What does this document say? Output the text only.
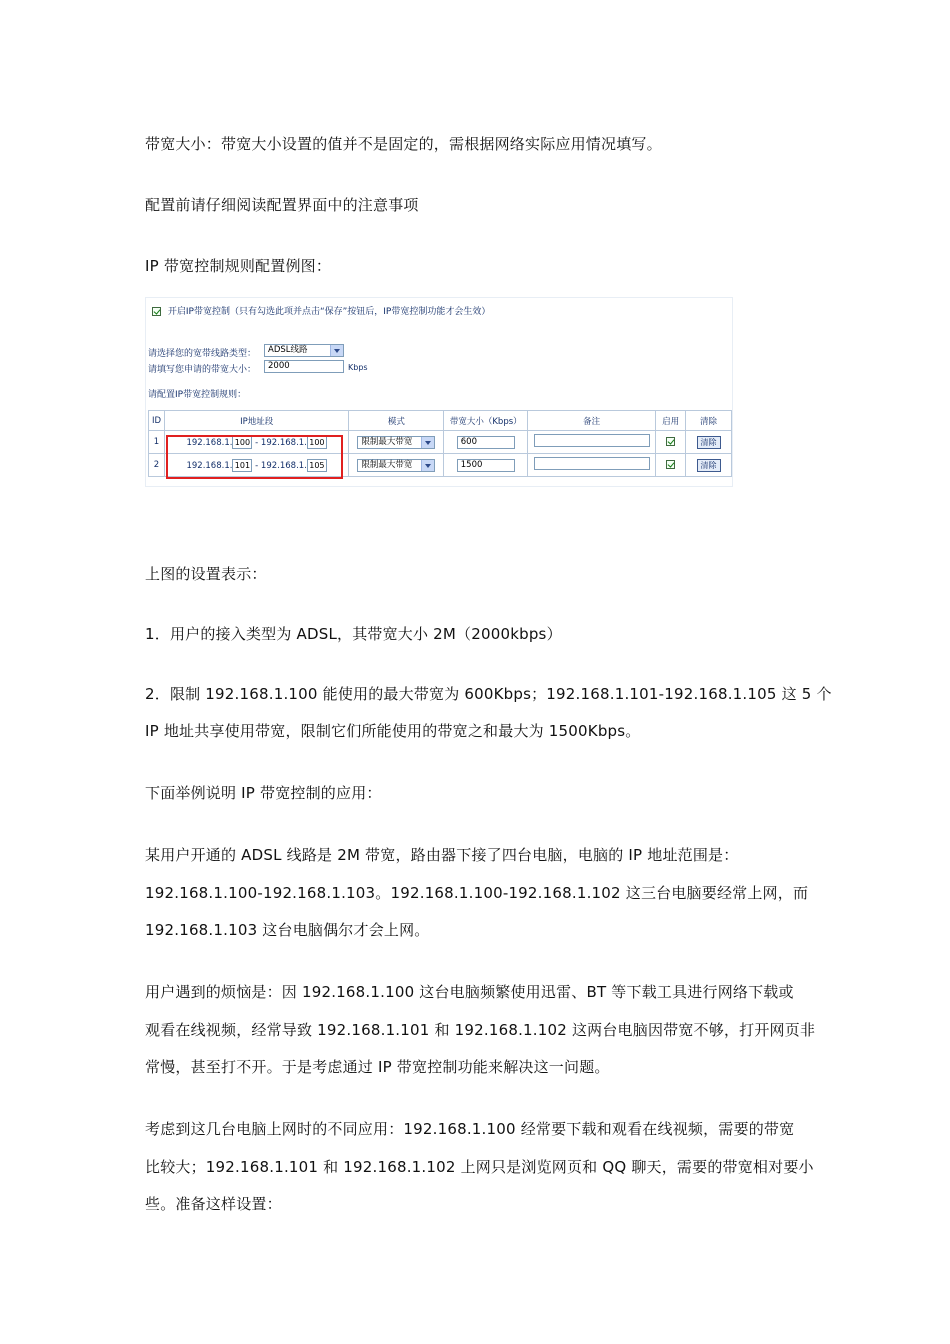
带宽大小：带宽大小设置的值并不是固定的，需根据网络实际应用情况填写。
配置前请仔细阅读配置界面中的注意事项
IP 带宽控制规则配置例图：
开启IP带宽控制（只有勾选此项并点击“保存”按钮后，IP带宽控制功能才会生效）
请选择您的宽带线路类型：	ADSL线路
请填写您申请的带宽大小：	2000	Kbps
请配置IP带宽控制规则：
ID	IP地址段	模式	带宽大小（Kbps）	备注	启用	清除
1	192.168.1. 100 - 192.168.1. 100	限制最大带宽	600			清除
2	192.168.1. 101 - 192.168.1. 105	限制最大带宽	1500			清除
上图的设置表示：
1．用户的接入类型为 ADSL，其带宽大小 2M（2000kbps）
2．限制 192.168.1.100 能使用的最大带宽为 600Kbps；192.168.1.101-192.168.1.105 这 5 个
IP 地址共享使用带宽，限制它们所能使用的带宽之和最大为 1500Kbps。
下面举例说明 IP 带宽控制的应用：
某用户开通的 ADSL 线路是 2M 带宽，路由器下接了四台电脑，电脑的 IP 地址范围是：
192.168.1.100-192.168.1.103。192.168.1.100-192.168.1.102 这三台电脑要经常上网，而
192.168.1.103 这台电脑偶尔才会上网。
用户遇到的烦恼是：因 192.168.1.100 这台电脑频繁使用迅雷、BT 等下载工具进行网络下载或
观看在线视频，经常导致 192.168.1.101 和 192.168.1.102 这两台电脑因带宽不够，打开网页非
常慢，甚至打不开。于是考虑通过 IP 带宽控制功能来解决这一问题。
考虑到这几台电脑上网时的不同应用：192.168.1.100 经常要下载和观看在线视频，需要的带宽
比较大；192.168.1.101 和 192.168.1.102 上网只是浏览网页和 QQ 聊天，需要的带宽相对要小
些。准备这样设置：
